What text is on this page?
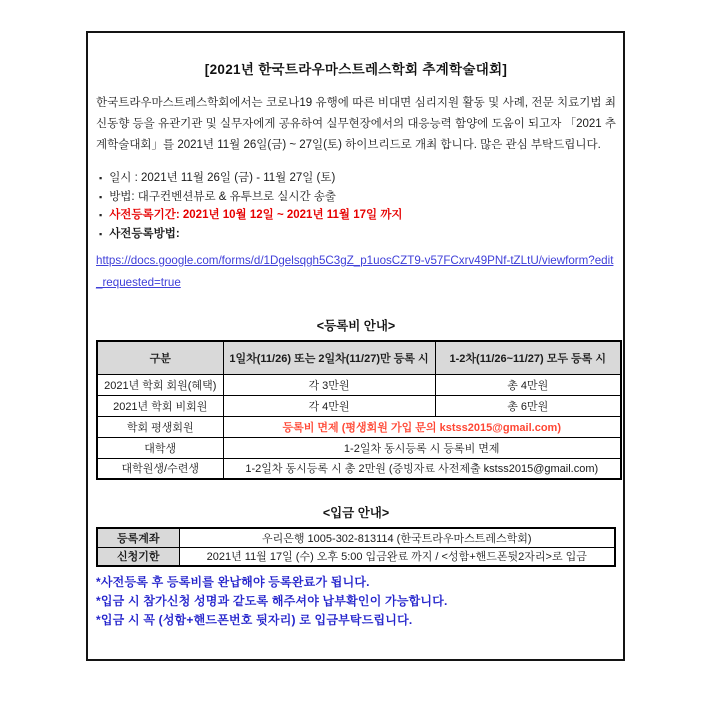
[2021년 한국트라우마스트레스학회 추계학술대회]

한국트라우마스트레스학회에서는 코로나19 유행에 따른 비대면 심리지원 활동 및 사례, 전문 치료기법 최신동향 등을 유관기관 및 실무자에게 공유하여 실무현장에서의 대응능력 함양에 도움이 되고자 「2021 추계학술대회」를 2021년 11월 26일(금) ~ 27일(토) 하이브리드로 개최 합니다. 많은 관심 부탁드립니다.

▪ 일시 : 2021년 11월 26일 (금) - 11월 27일 (토)
▪ 방법: 대구컨벤션뷰로 & 유투브로 실시간 송출
▪ 사전등록기간: 2021년 10월 12일 ~ 2021년 11월 17일 까지
▪ 사전등록방법:
https://docs.google.com/forms/d/1Dgelsqgh5C3gZ_p1uosCZT9-v57FCxrv49PNf-tZLtU/viewform?edit_requested=true
<등록비 안내>
구분	1일차(11/26) 또는 2일차(11/27)만 등록 시	1-2차(11/26~11/27) 모두 등록 시
2021년 학회 회원(혜택)	각 3만원	총 4만원
2021년 학회 비회원	각 4만원	총 6만원
학회 평생회원	등록비 면제 (평생회원 가입 문의 kstss2015@gmail.com)	
대학생	1-2일차 동시등록 시 등록비 면제	
대학원생/수련생	1-2일차 동시등록 시 총 2만원 (증빙자료 사전제출 kstss2015@gmail.com)	
<입금 안내>
등록계좌	우리은행 1005-302-813114 (한국트라우마스트레스학회)
신청기한	2021년 11월 17일 (수) 오후 5:00 입금완료 까지 / <성함+핸드폰뒷2자리>로 입금

*사전등록 후 등록비를 완납해야 등록완료가 됩니다.

*입금 시 참가신청 성명과 같도록 해주셔야 납부확인이 가능합니다.

*입금 시 꼭 (성함+핸드폰번호 뒷자리) 로 입금부탁드립니다.
